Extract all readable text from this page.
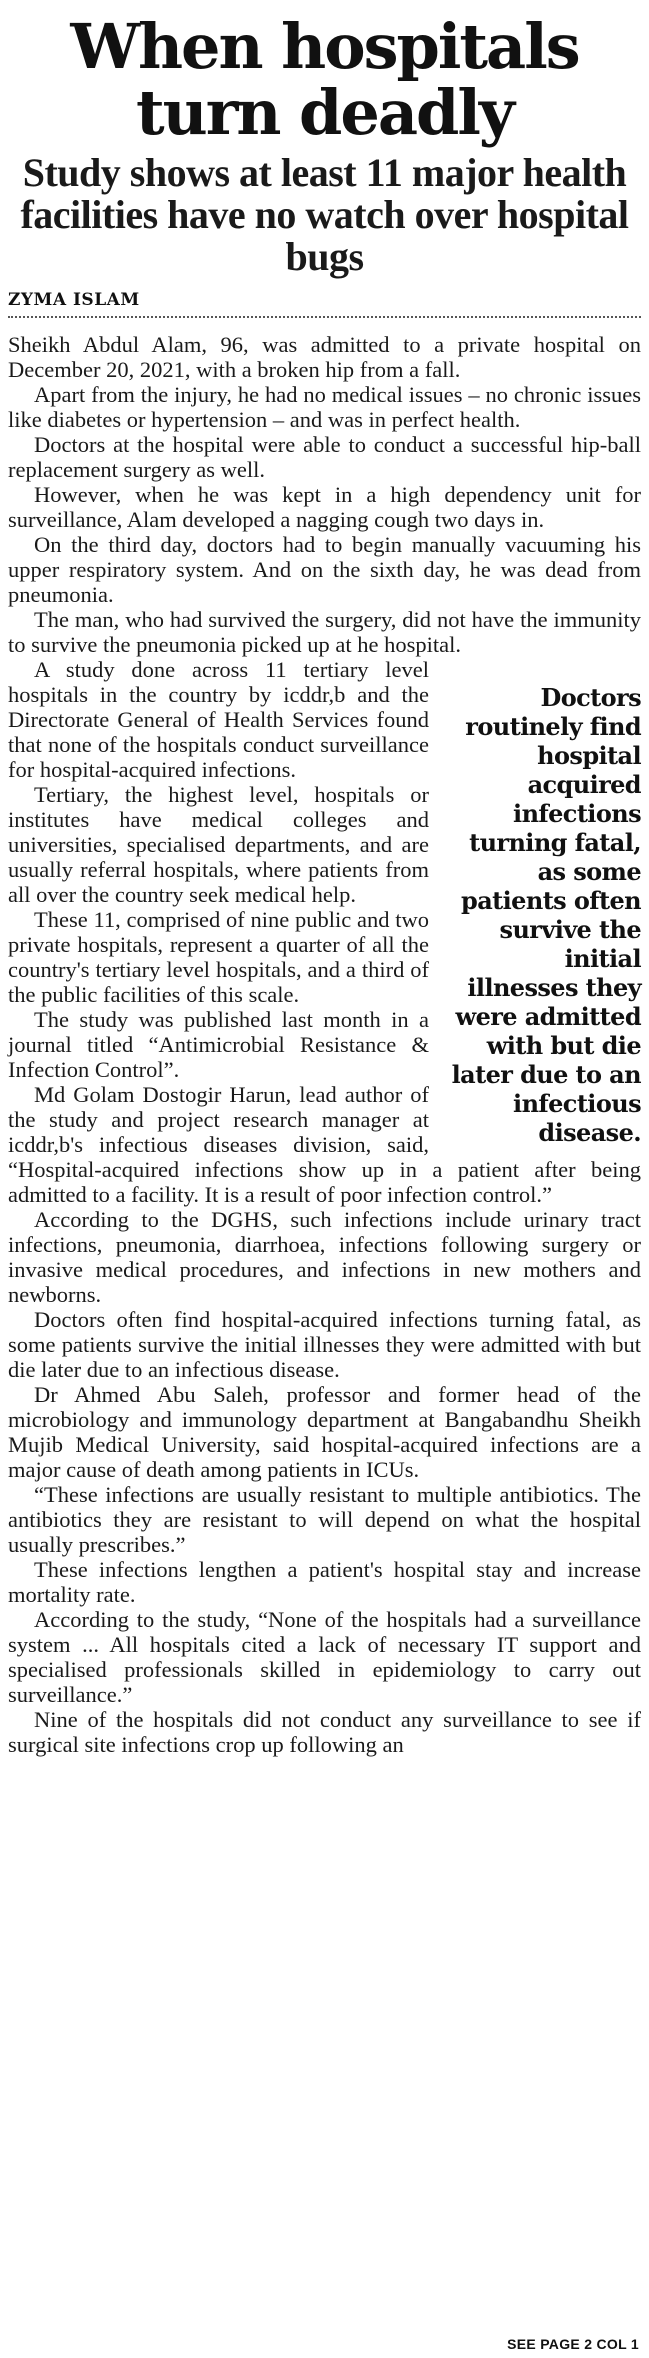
When hospitals turn deadly
Study shows at least 11 major health facilities have no watch over hospital bugs
ZYMA ISLAM

Sheikh Abdul Alam, 96, was admitted to a private hospital on December 20, 2021, with a broken hip from a fall.

Apart from the injury, he had no medical issues – no chronic issues like diabetes or hypertension – and was in perfect health.

Doctors at the hospital were able to conduct a successful hip-ball replacement surgery as well.

However, when he was kept in a high dependency unit for surveillance, Alam developed a nagging cough two days in.

On the third day, doctors had to begin manually vacuuming his upper respiratory system. And on the sixth day, he was dead from pneumonia.

The man, who had survived the surgery, did not have the immunity to survive the pneumonia picked up at he hospital.

Doctors routinely find hospital acquired infections turning fatal, as some patients often survive the initial illnesses they were admitted with but die later due to an infectious disease.

A study done across 11 tertiary level hospitals in the country by icddr,b and the Directorate General of Health Services found that none of the hospitals conduct surveillance for hospital-acquired infections.

Tertiary, the highest level, hospitals or institutes have medical colleges and universities, specialised departments, and are usually referral hospitals, where patients from all over the country seek medical help.

These 11, comprised of nine public and two private hospitals, represent a quarter of all the country's tertiary level hospitals, and a third of the public facilities of this scale.

The study was published last month in a journal titled “Antimicrobial Resistance & Infection Control”.

Md Golam Dostogir Harun, lead author of the study and project research manager at icddr,b's infectious diseases division, said, “Hospital-acquired infections show up in a patient after being admitted to a facility. It is a result of poor infection control.”

According to the DGHS, such infections include urinary tract infections, pneumonia, diarrhoea, infections following surgery or invasive medical procedures, and infections in new mothers and newborns.

Doctors often find hospital-acquired infections turning fatal, as some patients survive the initial illnesses they were admitted with but die later due to an infectious disease.

Dr Ahmed Abu Saleh, professor and former head of the microbiology and immunology department at Bangabandhu Sheikh Mujib Medical University, said hospital-acquired infections are a major cause of death among patients in ICUs.

“These infections are usually resistant to multiple antibiotics. The antibiotics they are resistant to will depend on what the hospital usually prescribes.”

These infections lengthen a patient's hospital stay and increase mortality rate.

According to the study, “None of the hospitals had a surveillance system ... All hospitals cited a lack of necessary IT support and specialised professionals skilled in epidemiology to carry out surveillance.”

Nine of the hospitals did not conduct any surveillance to see if surgical site infections crop up following an

SEE PAGE 2 COL 1
